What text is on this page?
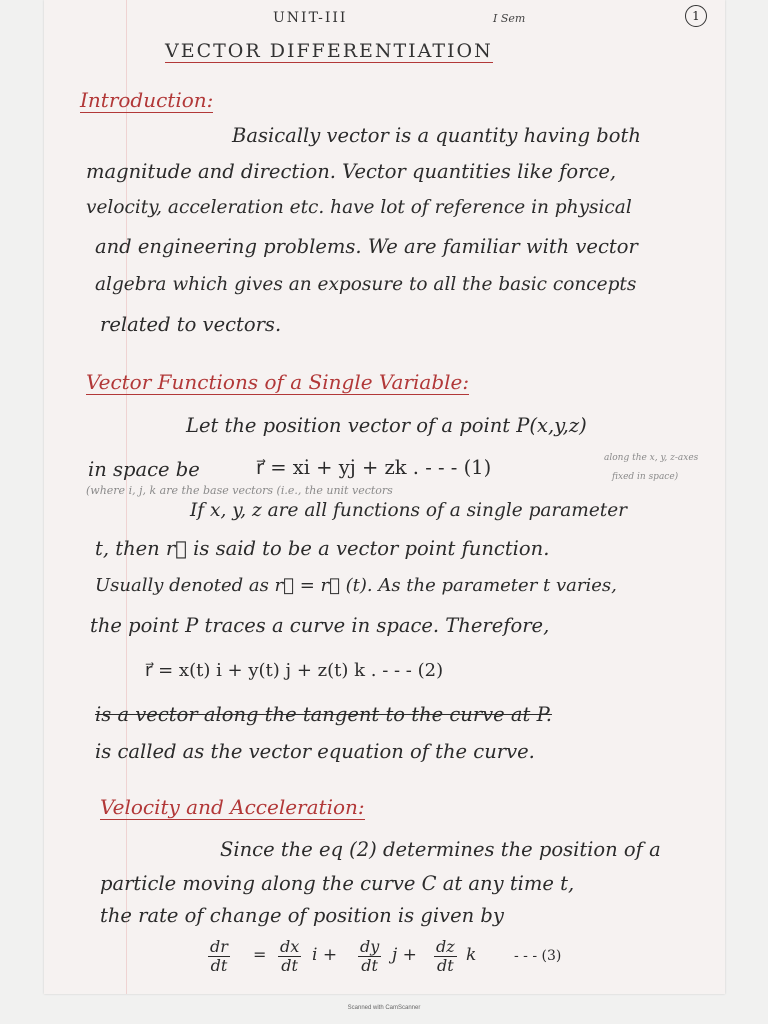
UNIT-III	I Sem	1
VECTOR DIFFERENTIATION
Introduction:
Basically vector is a quantity having both
magnitude and direction. Vector quantities like force,
velocity, acceleration etc. have lot of reference in physical
and engineering problems. We are familiar with vector
algebra which gives an exposure to all the basic concepts
related to vectors.
Vector Functions of a Single Variable:
Let the position vector of a point P(x,y,z)
in space be	r⃗ = xi + yj + zk . - - - (1)	along the x, y, z-axes
fixed in space)
(where i, j, k are the base vectors (i.e., the unit vectors
If x, y, z are all functions of a single parameter
t, then r⃗ is said to be a vector point function.
Usually denoted as r⃗ = r⃗ (t). As the parameter t varies,
the point P traces a curve in space. Therefore,
r⃗ = x(t) i + y(t) j + z(t) k . - - - (2)
is a vector along the tangent to the curve at P.
is called as the vector equation of the curve.
Velocity and Acceleration:
Since the eq (2) determines the position of a
particle moving along the curve C at any time t,
the rate of change of position is given by
$\frac{dr}{dt} = \frac{dx}{dt}$ $i + \frac{dy}{dt}$ $j + \frac{dz}{dt}$ k	- - - (3)
Scanned with CamScanner
